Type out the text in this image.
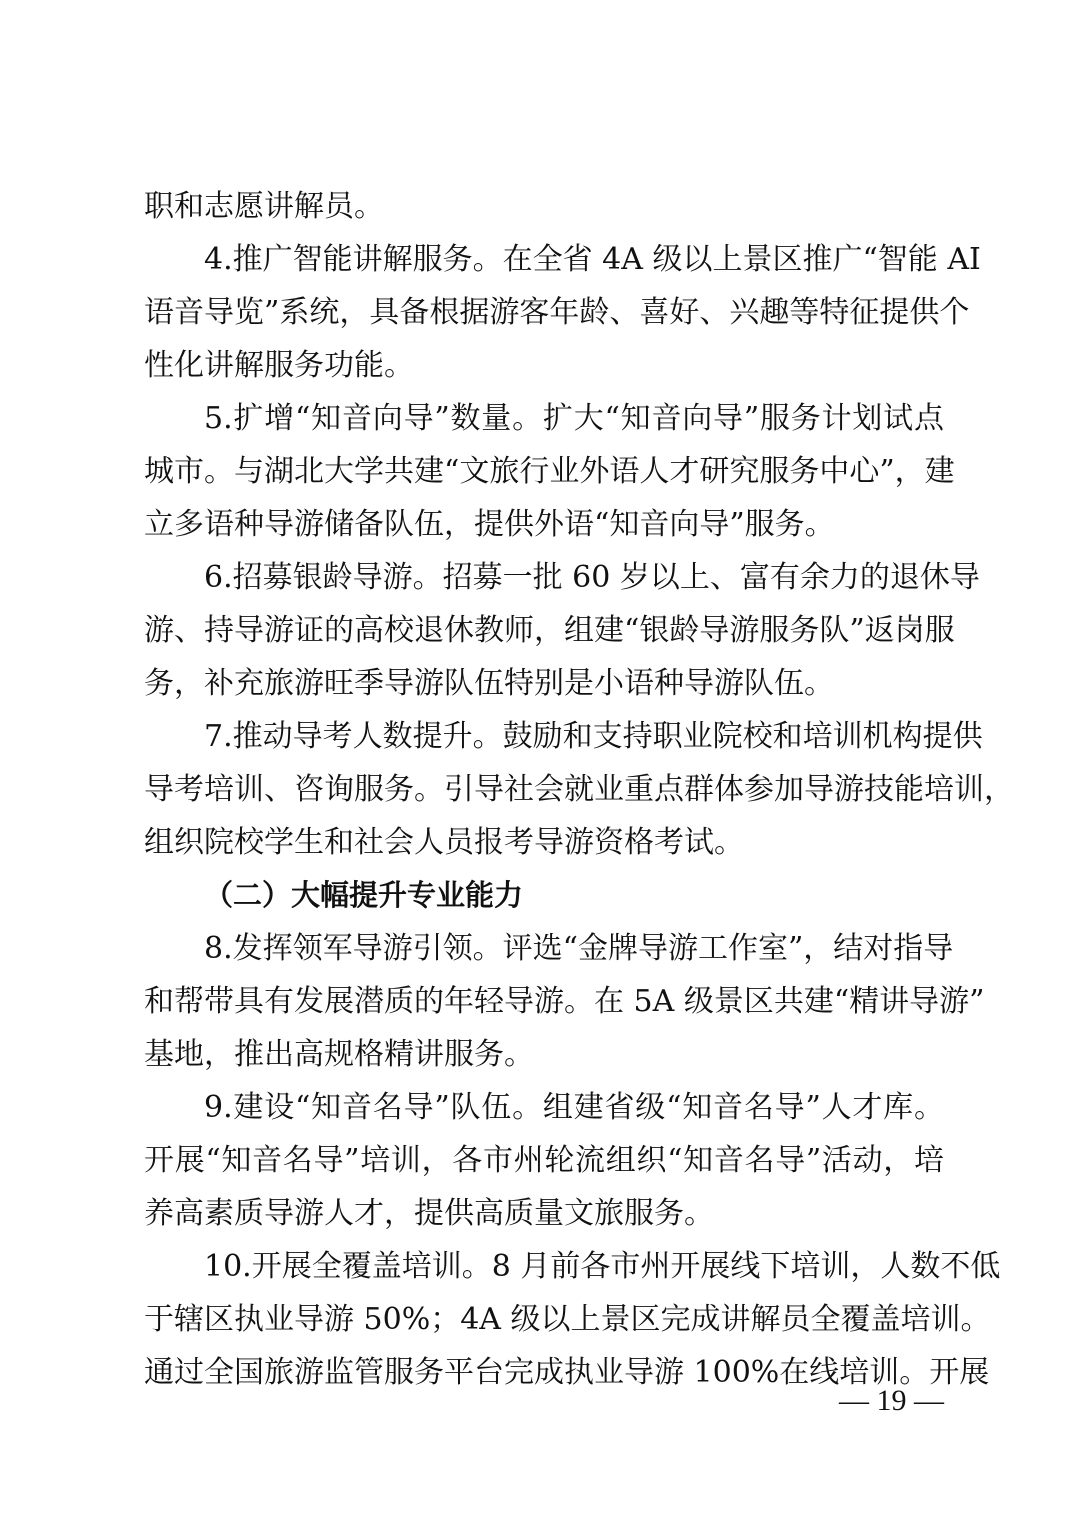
职和志愿讲解员。
4.推广智能讲解服务。在全省 4A 级以上景区推广“智能 AI
语音导览”系统，具备根据游客年龄、喜好、兴趣等特征提供个
性化讲解服务功能。
5.扩增“知音向导”数量。扩大“知音向导”服务计划试点
城市。与湖北大学共建“文旅行业外语人才研究服务中心”，建
立多语种导游储备队伍，提供外语“知音向导”服务。
6.招募银龄导游。招募一批 60 岁以上、富有余力的退休导
游、持导游证的高校退休教师，组建“银龄导游服务队”返岗服
务，补充旅游旺季导游队伍特别是小语种导游队伍。
7.推动导考人数提升。鼓励和支持职业院校和培训机构提供
导考培训、咨询服务。引导社会就业重点群体参加导游技能培训，
组织院校学生和社会人员报考导游资格考试。
（二）大幅提升专业能力
8.发挥领军导游引领。评选“金牌导游工作室”，结对指导
和帮带具有发展潜质的年轻导游。在 5A 级景区共建“精讲导游”
基地，推出高规格精讲服务。
9.建设“知音名导”队伍。组建省级“知音名导”人才库。
开展“知音名导”培训，各市州轮流组织“知音名导”活动，培
养高素质导游人才，提供高质量文旅服务。
10.开展全覆盖培训。8 月前各市州开展线下培训，人数不低
于辖区执业导游 50%；4A 级以上景区完成讲解员全覆盖培训。
通过全国旅游监管服务平台完成执业导游 100%在线培训。开展
— 19 —
